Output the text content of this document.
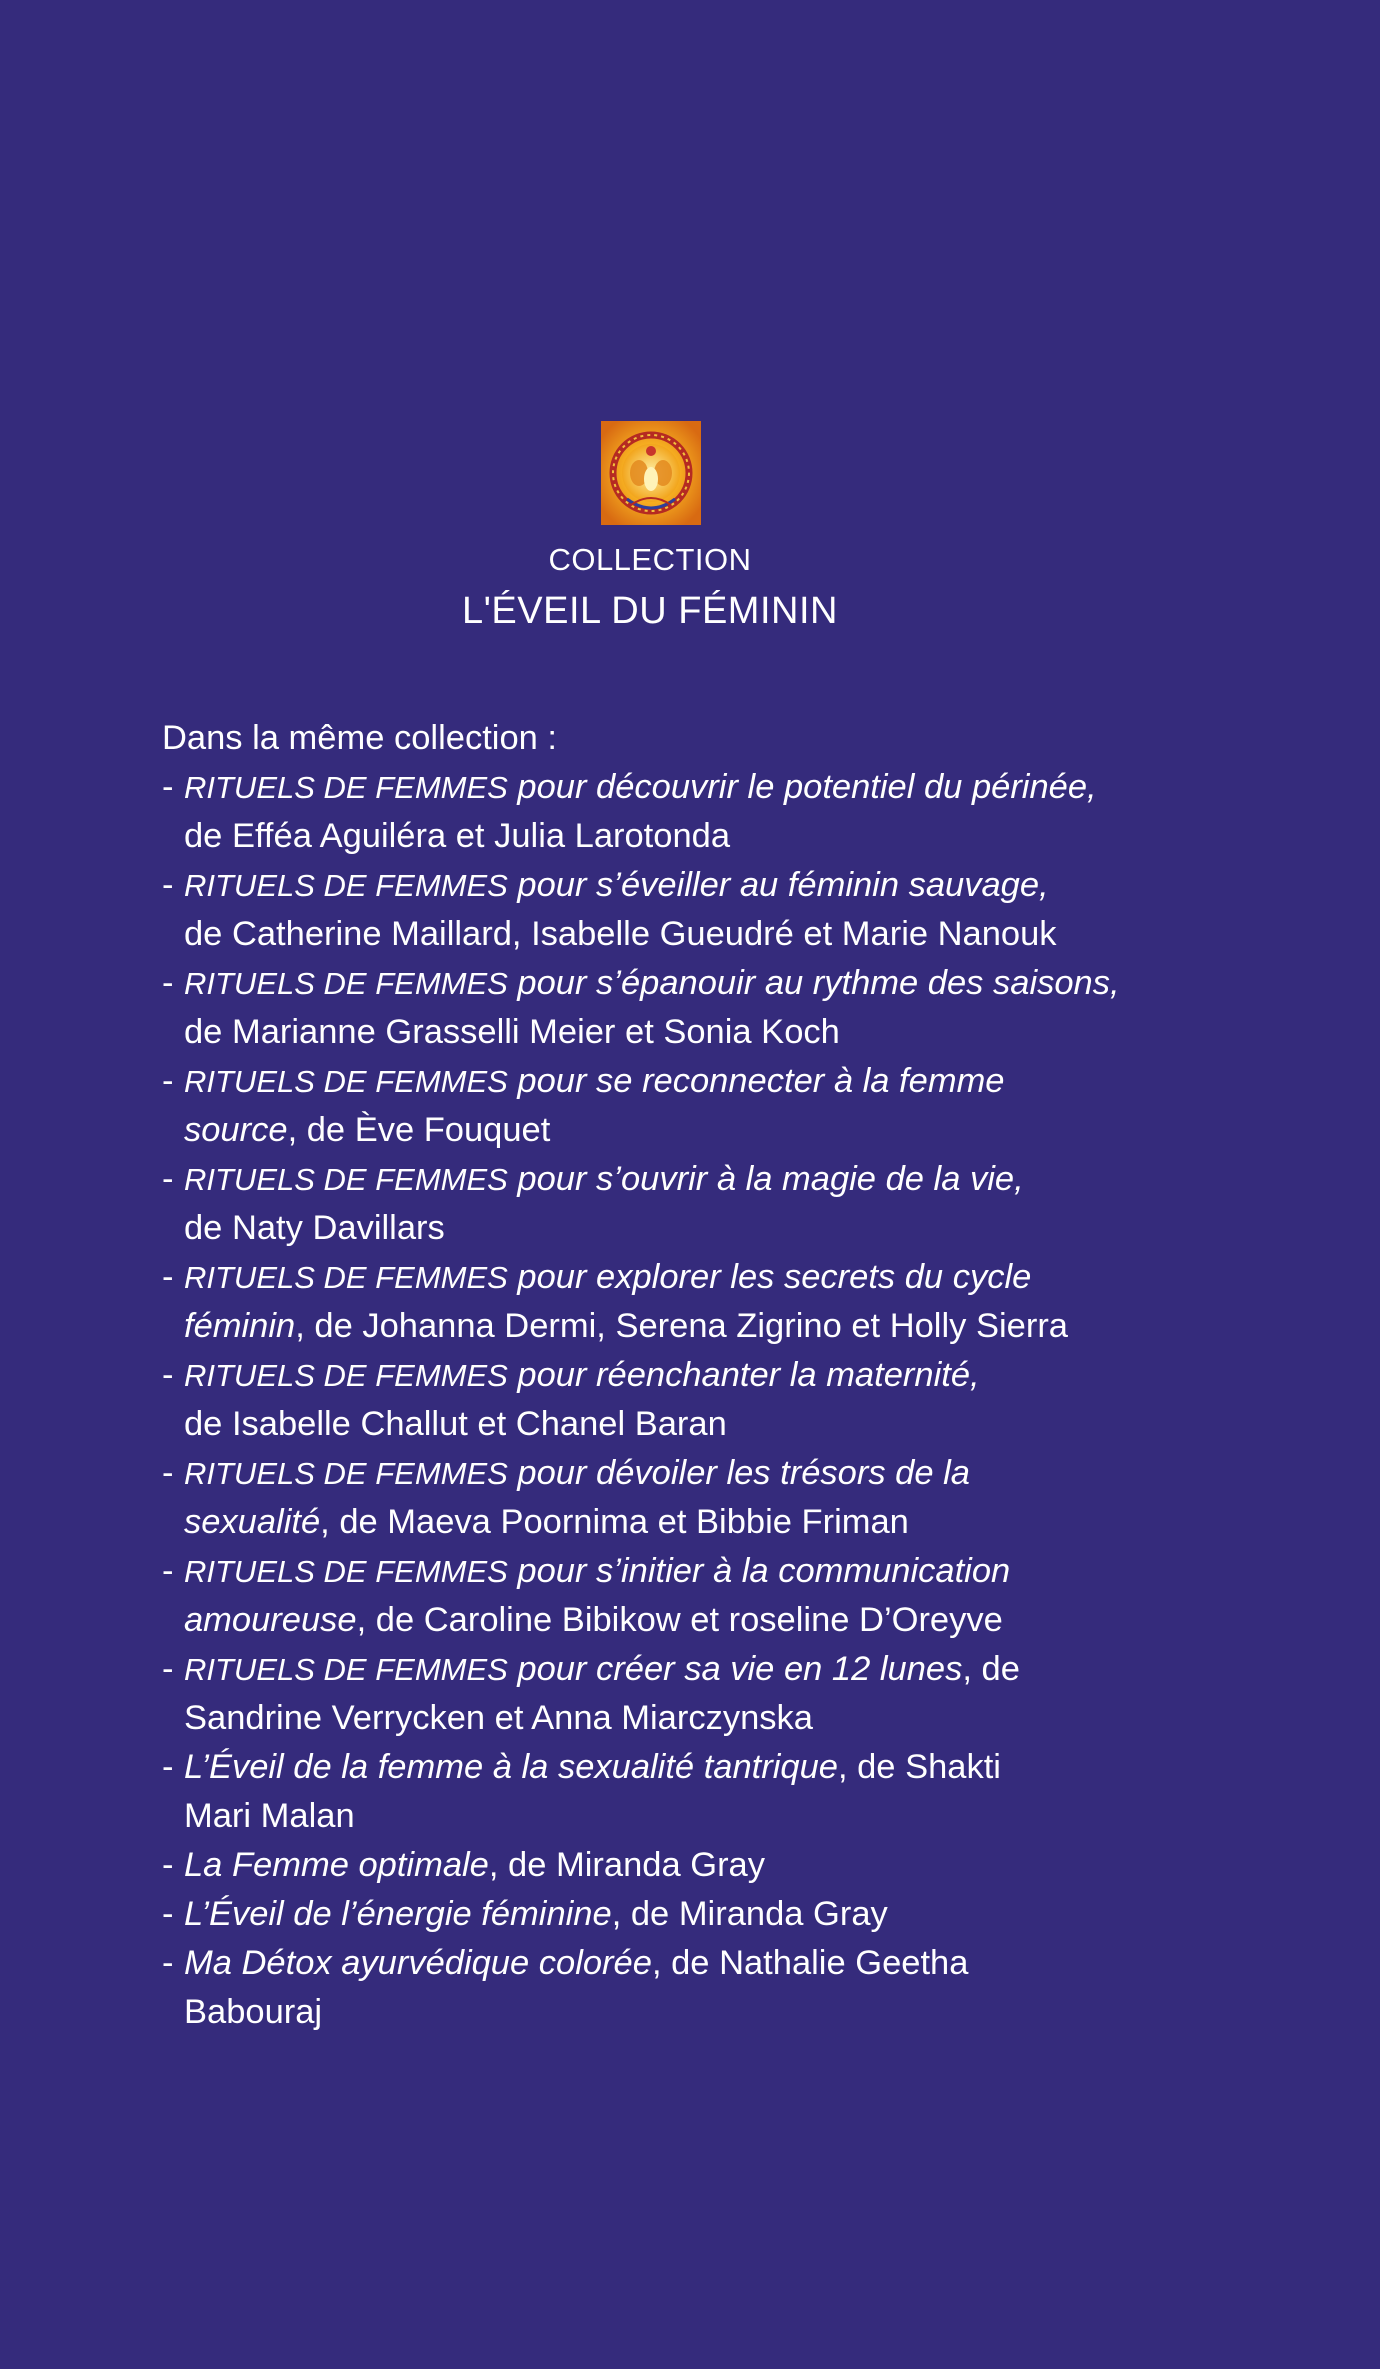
COLLECTION
L'ÉVEIL DU FÉMININ

Dans la même collection :

- RITUELS DE FEMMES pour découvrir le potentiel du périnée,
de Efféa Aguiléra et Julia Larotonda
- RITUELS DE FEMMES pour s’éveiller au féminin sauvage,
de Catherine Maillard, Isabelle Gueudré et Marie Nanouk
- RITUELS DE FEMMES pour s’épanouir au rythme des saisons,
de Marianne Grasselli Meier et Sonia Koch
- RITUELS DE FEMMES pour se reconnecter à la femme
source, de Ève Fouquet
- RITUELS DE FEMMES pour s’ouvrir à la magie de la vie,
de Naty Davillars
- RITUELS DE FEMMES pour explorer les secrets du cycle
féminin, de Johanna Dermi, Serena Zigrino et Holly Sierra
- RITUELS DE FEMMES pour réenchanter la maternité,
de Isabelle Challut et Chanel Baran
- RITUELS DE FEMMES pour dévoiler les trésors de la
sexualité, de Maeva Poornima et Bibbie Friman
- RITUELS DE FEMMES pour s’initier à la communication
amoureuse, de Caroline Bibikow et roseline D’Oreyve
- RITUELS DE FEMMES pour créer sa vie en 12 lunes, de
Sandrine Verrycken et Anna Miarczynska
- L’Éveil de la femme à la sexualité tantrique, de Shakti
Mari Malan
- La Femme optimale, de Miranda Gray
- L’Éveil de l’énergie féminine, de Miranda Gray
- Ma Détox ayurvédique colorée, de Nathalie Geetha
Babouraj
